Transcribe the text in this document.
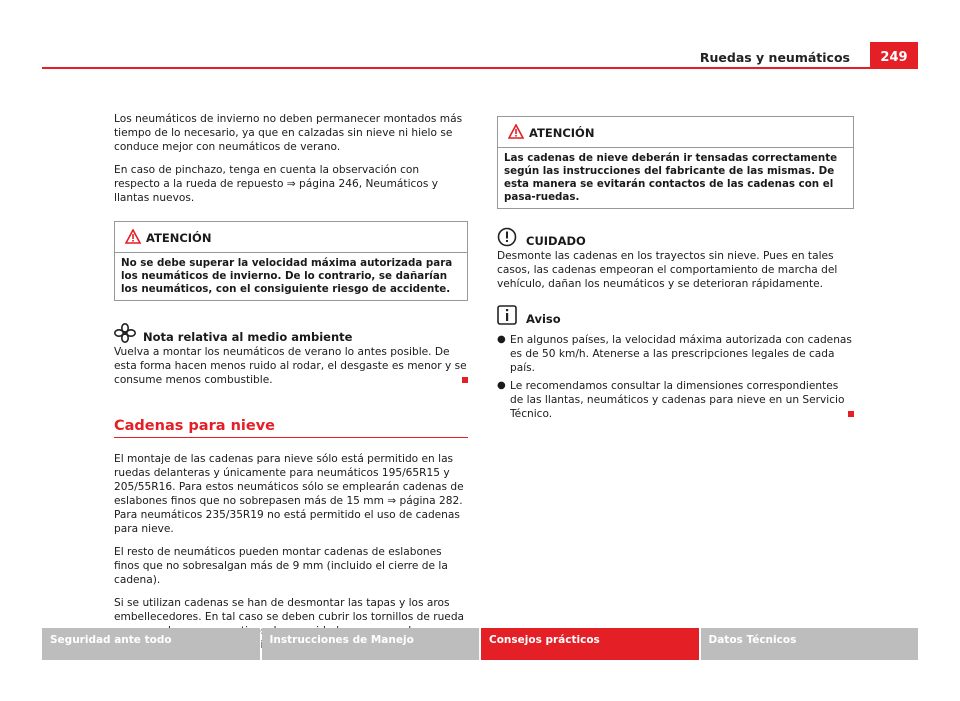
Ruedas y neumáticos	249

Los neumáticos de invierno no deben permanecer montados más tiempo de lo necesario, ya que en calzadas sin nieve ni hielo se conduce mejor con neumáticos de verano.

En caso de pinchazo, tenga en cuenta la observación con respecto a la rueda de repuesto ⇒ página 246, Neumáticos y llantas nuevos.

ATENCIÓN
No se debe superar la velocidad máxima autorizada para los neumáticos de invierno. De lo contrario, se dañarían los neumáticos, con el consiguiente riesgo de accidente.
Nota relativa al medio ambiente

Vuelva a montar los neumáticos de verano lo antes posible. De esta forma hacen menos ruido al rodar, el desgaste es menor y se consume menos combustible.

Cadenas para nieve

El montaje de las cadenas para nieve sólo está permitido en las ruedas delanteras y únicamente para neumáticos 195/65R15 y 205/55R16. Para estos neumáticos sólo se emplearán cadenas de eslabones finos que no sobrepasen más de 15 mm ⇒ página 282. Para neumáticos 235/35R19 no está permitido el uso de cadenas para nieve.

El resto de neumáticos pueden montar cadenas de eslabones finos que no sobresalgan más de 9 mm (incluido el cierre de la cadena).

Si se utilizan cadenas se han de desmontar las tapas y los aros embellecedores. En tal caso se deben cubrir los tornillos de rueda

ATENCIÓN
Las cadenas de nieve deberán ir tensadas correctamente según las instrucciones del fabricante de las mismas. De esta manera se evitarán contactos de las cadenas con el pasa-ruedas.
CUIDADO

Desmonte las cadenas en los trayectos sin nieve. Pues en tales casos, las cadenas empeoran el comportamiento de marcha del vehículo, dañan los neumáticos y se deterioran rápidamente.

Aviso
● En algunos países, la velocidad máxima autorizada con cadenas es de 50 km/h. Atenerse a las prescripciones legales de cada país.
● Le recomendamos consultar la dimensiones correspondientes de las llantas, neumáticos y cadenas para nieve en un Servicio Técnico.
Seguridad ante todo	Instrucciones de Manejo	Consejos prácticos	Datos Técnicos
